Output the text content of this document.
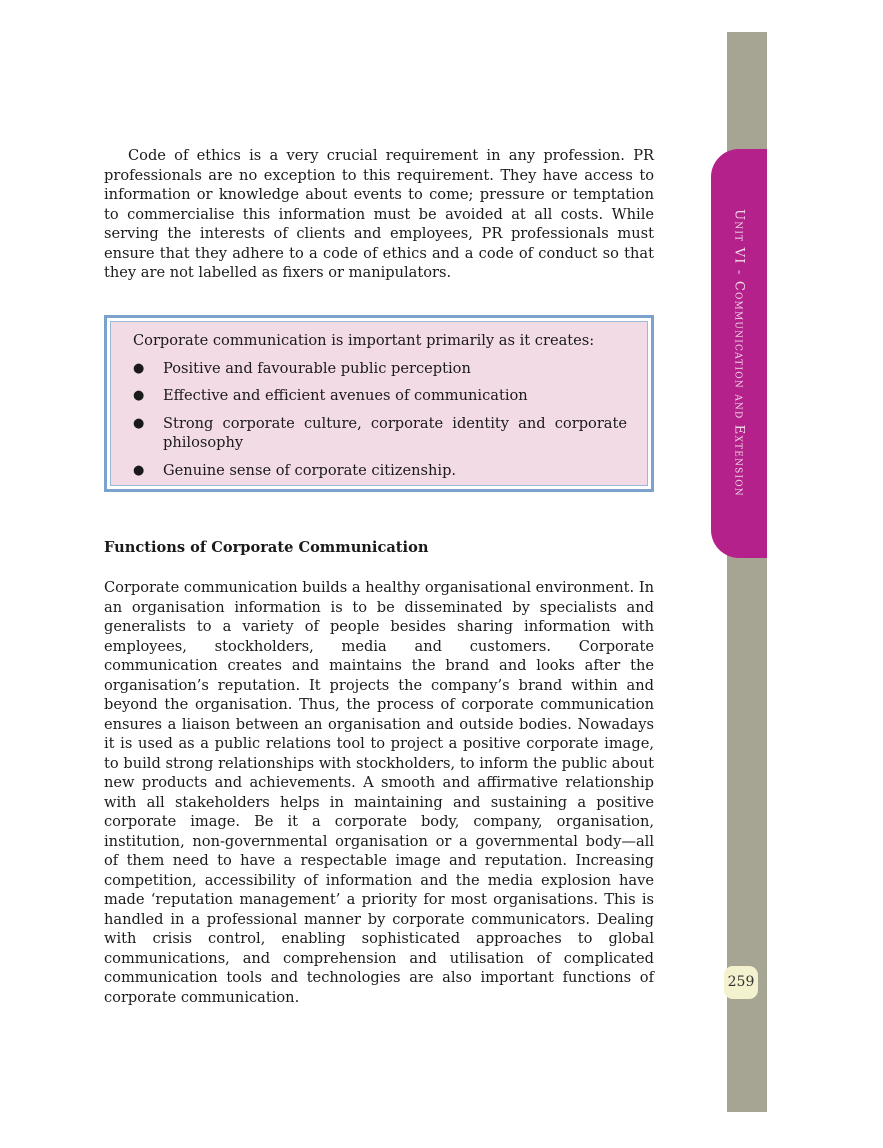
Unit VI - Communication and Extension
259

Code of ethics is a very crucial requirement in any profession. PR professionals are no exception to this requirement. They have access to information or knowledge about events to come; pressure or temptation to commercialise this information must be avoided at all costs. While serving the interests of clients and employees, PR professionals must ensure that they adhere to a code of ethics and a code of conduct so that they are not labelled as fixers or manipulators.

Corporate communication is important primarily as it creates:

● Positive and favourable public perception
● Effective and efficient avenues of communication
● Strong corporate culture, corporate identity and corporate philosophy
● Genuine sense of corporate citizenship.
Functions of Corporate Communication

Corporate communication builds a healthy organisational environment. In an organisation information is to be disseminated by specialists and generalists to a variety of people besides sharing information with employees, stockholders, media and customers. Corporate communication creates and maintains the brand and looks after the organisation’s reputation. It projects the company’s brand within and beyond the organisation. Thus, the process of corporate communication ensures a liaison between an organisation and outside bodies. Nowadays it is used as a public relations tool to project a positive corporate image, to build strong relationships with stockholders, to inform the public about new products and achievements. A smooth and affirmative relationship with all stakeholders helps in maintaining and sustaining a positive corporate image. Be it a corporate body, company, organisation, institution, non-governmental organisation or a governmental body—all of them need to have a respectable image and reputation. Increasing competition, accessibility of information and the media explosion have made ‘reputation management’ a priority for most organisations. This is handled in a professional manner by corporate communicators. Dealing with crisis control, enabling sophisticated approaches to global communications, and comprehension and utilisation of complicated communication tools and technologies are also important functions of corporate communication.
